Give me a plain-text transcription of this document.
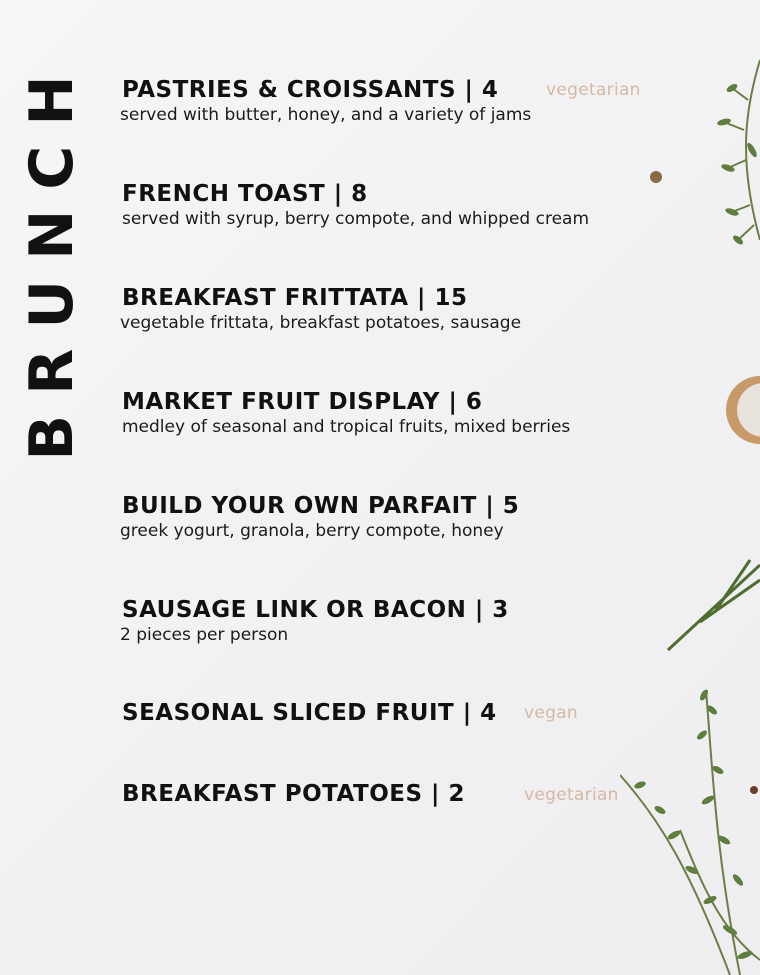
BRUNCH PASTRIES & CROISSANTS | 4

served with butter, honey, and a variety of jams

vegetarian
FRENCH TOAST | 8

served with syrup, berry compote, and whipped cream

BREAKFAST FRITTATA | 15

vegetable frittata, breakfast potatoes, sausage

MARKET FRUIT DISPLAY | 6

medley of seasonal and tropical fruits, mixed berries

BUILD YOUR OWN PARFAIT | 5

greek yogurt, granola, berry compote, honey

SAUSAGE LINK OR BACON | 3

2 pieces per person

SEASONAL SLICED FRUIT | 4 vegan
BREAKFAST POTATOES | 2	vegetarian
